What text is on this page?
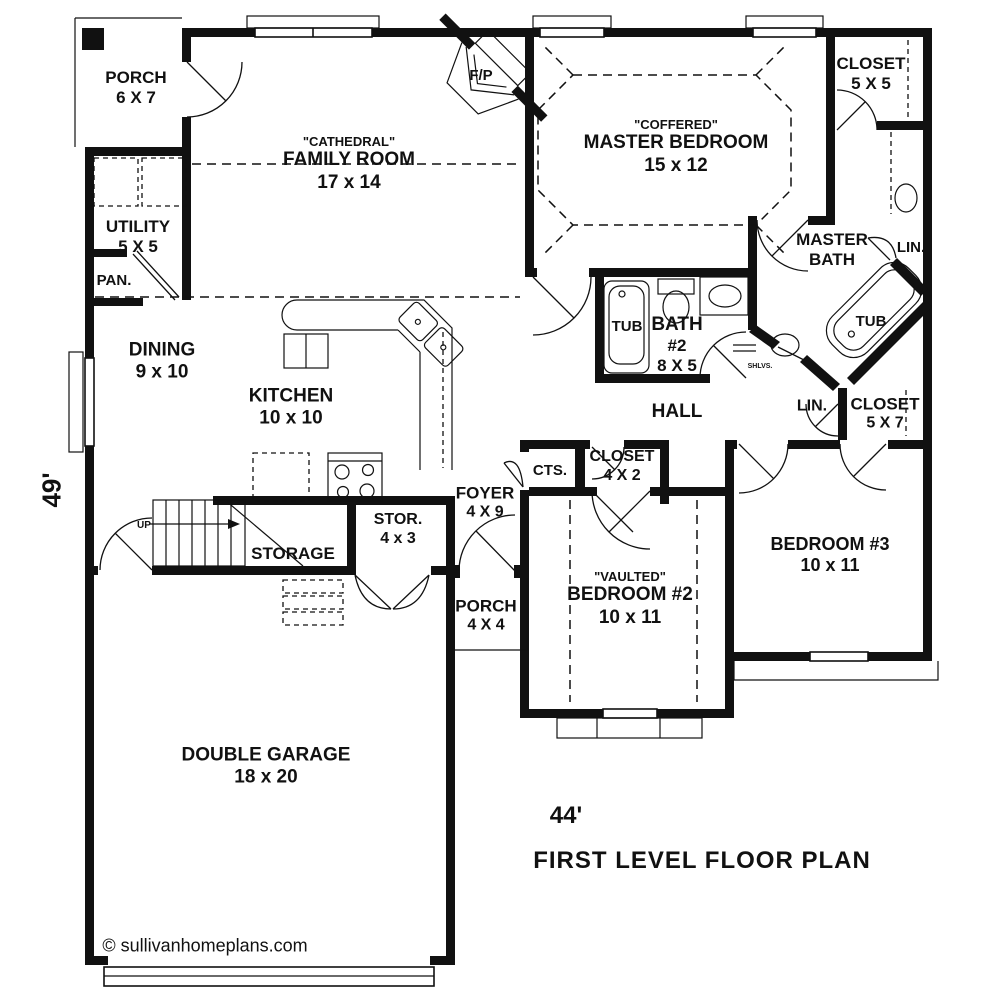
PORCH
6 X 7
"CATHEDRAL"
FAMILY ROOM
17 x 14
F/P
"COFFERED"
MASTER BEDROOM
15 x 12
CLOSET
5 X 5
UTILITY
5 X 5
PAN.
MASTER
BATH
LIN.
TUB
DINING
9 x 10
KITCHEN
10 x 10
TUB BATH
#2
8 X 5	SHLVS.
HALL	LIN. CLOSET
5 X 7
CTS.
CLOSET
4 X 2
FOYER
4 X 9
STOR.
4 x 3
STORAGE
UP
PORCH
4 X 4
"VAULTED"
BEDROOM #2
10 x 11
BEDROOM #3
10 x 11
DOUBLE GARAGE
18 x 20
49'
44'
FIRST LEVEL FLOOR PLAN
© sullivanhomeplans.com
